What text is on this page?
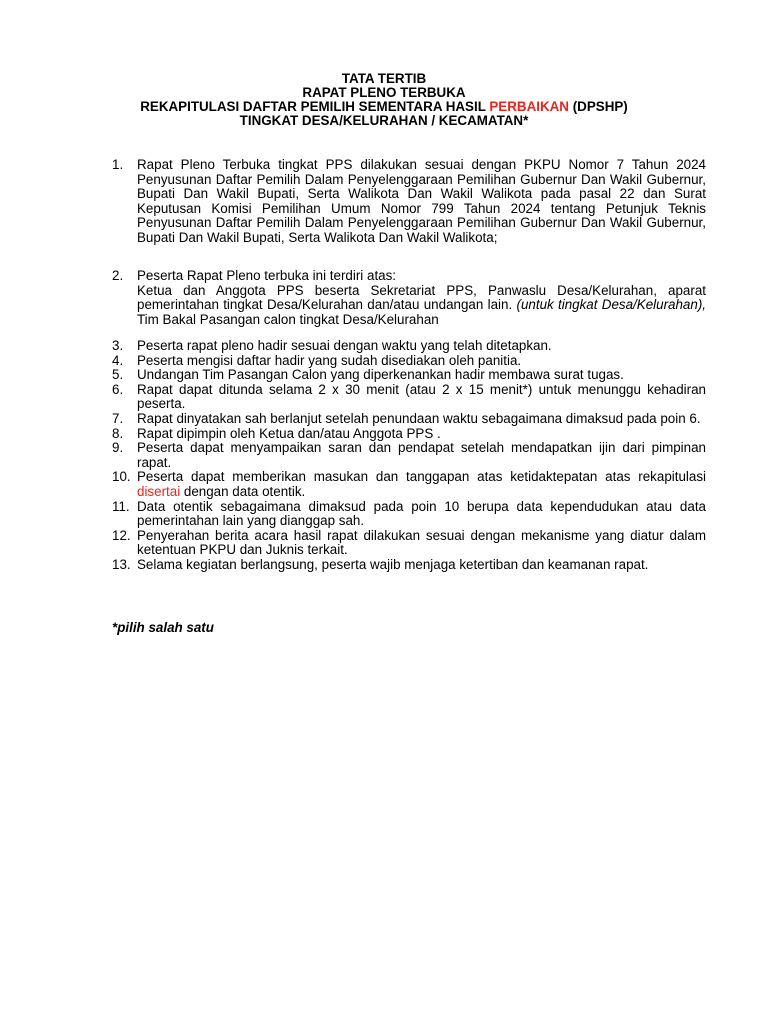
TATA TERTIB
RAPAT PLENO TERBUKA
REKAPITULASI DAFTAR PEMILIH SEMENTARA HASIL PERBAIKAN (DPSHP)
TINGKAT DESA/KELURAHAN / KECAMATAN*
1.	Rapat Pleno Terbuka tingkat PPS dilakukan sesuai dengan PKPU Nomor 7 Tahun 2024 Penyusunan Daftar Pemilih Dalam Penyelenggaraan Pemilihan Gubernur Dan Wakil Gubernur, Bupati Dan Wakil Bupati, Serta Walikota Dan Wakil Walikota pada pasal 22 dan Surat Keputusan Komisi Pemilihan Umum Nomor 799 Tahun 2024 tentang Petunjuk Teknis Penyusunan Daftar Pemilih Dalam Penyelenggaraan Pemilihan Gubernur Dan Wakil Gubernur, Bupati Dan Wakil Bupati, Serta Walikota Dan Wakil Walikota;
2.	Peserta Rapat Pleno terbuka ini terdiri atas:
Ketua dan Anggota PPS beserta Sekretariat PPS, Panwaslu Desa/Kelurahan, aparat pemerintahan tingkat Desa/Kelurahan dan/atau undangan lain. (untuk tingkat Desa/Kelurahan), Tim Bakal Pasangan calon tingkat Desa/Kelurahan
3.	Peserta rapat pleno hadir sesuai dengan waktu yang telah ditetapkan.
4.	Peserta mengisi daftar hadir yang sudah disediakan oleh panitia.
5.	Undangan Tim Pasangan Calon yang diperkenankan hadir membawa surat tugas.
6.	Rapat dapat ditunda selama 2 x 30 menit (atau 2 x 15 menit*) untuk menunggu kehadiran peserta.
7.	Rapat dinyatakan sah berlanjut setelah penundaan waktu sebagaimana dimaksud pada poin 6.
8.	Rapat dipimpin oleh Ketua dan/atau Anggota PPS .
9.	Peserta dapat menyampaikan saran dan pendapat setelah mendapatkan ijin dari pimpinan rapat.
10. Peserta dapat memberikan masukan dan tanggapan atas ketidaktepatan atas rekapitulasi disertai dengan data otentik.
11. Data otentik sebagaimana dimaksud pada poin 10 berupa data kependudukan atau data pemerintahan lain yang dianggap sah.
12. Penyerahan berita acara hasil rapat dilakukan sesuai dengan mekanisme yang diatur dalam ketentuan PKPU dan Juknis terkait.
13. Selama kegiatan berlangsung, peserta wajib menjaga ketertiban dan keamanan rapat.
*pilih salah satu
